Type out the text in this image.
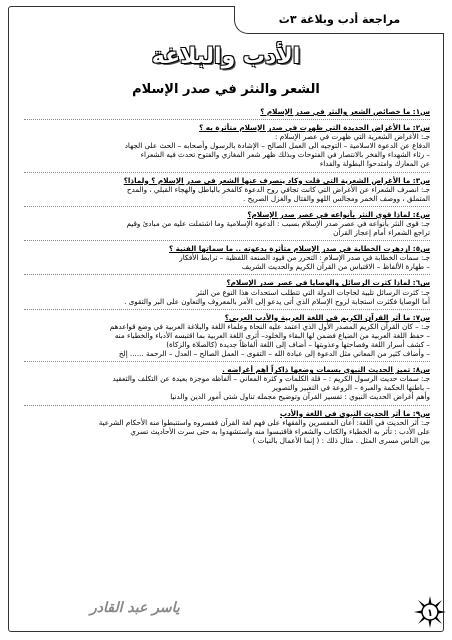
مراجعة أدب وبلاغة ٣ث
الأدب والبلاغة
الشعر والنثر في صدر الإسلام
س۱: ما خصائص الشعر والنثر في صدر الإسلام ؟
س۲: ما الأغراض الجديدة التي ظهرت في صدر الإسلام متأثرة به ؟

جـ: الأغراض الشعرية التي ظهرت في عصر الإسلام :

الدفاع عن الدعوة الاسلامية – التوجيه الى العمل الصالح – الإشادة بالرسول وأصحابه – الحث على الجهاد

– رثاء الشهداء والفخر بالانتصار في الفتوحات وبذلك ظهر شعر المغازي والفتوح تحدث فيه الشعراء

عن المعارك وامتدحوا البطولة والفداء

س۳: ما الأغراض الشعرية التي قلت وكاد ينصرف عنها الشعر في صدر الإسلام ؟ ولماذا؟

جـ: انصرف الشعراء عن الأغراض التي كانت تجافي روح الدعوة كالفخر بالباطل والهجاء القبلي ، والمدح

المتملق ، ووصف الخمر ومجالس اللهو والقتال والغزل الصريح .

س٤: لماذا قوي النثر بأنواعه في عصر صدر الإسلام؟

جـ: قوى النثر بأنواعه في عصر صدر الإسلام بسبب : الدعوة الإسلامية وما اشتملت عليه من مبادئ وقيم

تراجع الشعراء أمام إعجاز القرآن

س٥: ازدهرت الخطابة في صدر الإسلام متأثرة بدعوته .. ما سماتها الفنية ؟

جـ: سمات الخطابة في صدر الإسلام : التحرر من قيود الصنعة اللفظية – ترابط الأفكار

– طهارة الألفاظ – الاقتباس من القرآن الكريم والحديث الشريف

س٦: لماذا كثرت الرسائل والوصايا في عصر صدر الإسلام؟

جـ: كثرت الرسائل تلبية لحاجات الدولة التي تتطلب استحداث هذا النوع من النثر

أما الوصايا فكثرت استجابة لروح الإسلام الذي أتى يدعو إلى الأمر بالمعروف والتعاون على البر والتقوى .

س۷: ما أثر القرآن الكريم في اللغة العربية والأدب العربي؟

جـ: – كان القرآن الكريم المصدر الأول الذي اعتمد عليه النحاة وعلماء اللغة والبلاغة العربية في وضع قواعدهم

– حفظ اللغة العربية من الضياع فضمن لها البقاء والخلود– أثرى اللغة العربية بما اقتبسه الأدباء والخطباء منه

– كشف أسرار اللغة وفصاحتها وعذوبتها – أضاف إلى اللغة ألفاظاً جديدة (كالصلاة والزكاة)

– وأضاف كثير من المعاني مثل الدعوة إلى عبادة الله – التقوى – العمل الصالح – العدل – الرحمة ...... إلخ

س۸: تميز الحديث النبوي بسمات وضعها ذاكراً أهم أغراضه .

جـ: سمات حديث الرسول الكريم : – قلة الكلمات و كثرة المعاني – ألفاظه موجزة بعيدة عن التكلف والتعقيد

– باطنها الحكمة والعبرة – الروعة في التعبير والتصوير

وأهم أغراض الحديث النبوي : تفسير القرآن وتوضيح مجمله تناول شتى أمور الدين والدنيا

س۹: ما أثر الحديث النبوي في اللغة والأدب

جـ: أثر الحديث في اللغة: أعان المفسرين والفقهاء على فهم لغة القرآن ففسروه واستنبطوا منه الأحكام الشرعية

على الأدب : تأثر به الخطباء والكتاب والشعراء فاقتبسوا منه واستشهدوا به حتى سرت الأحاديث تسري

بين الناس مسرى المثل . مثال ذلك : ( إنما الأعمال بالنيات )

ياسر عبد القادر	١
